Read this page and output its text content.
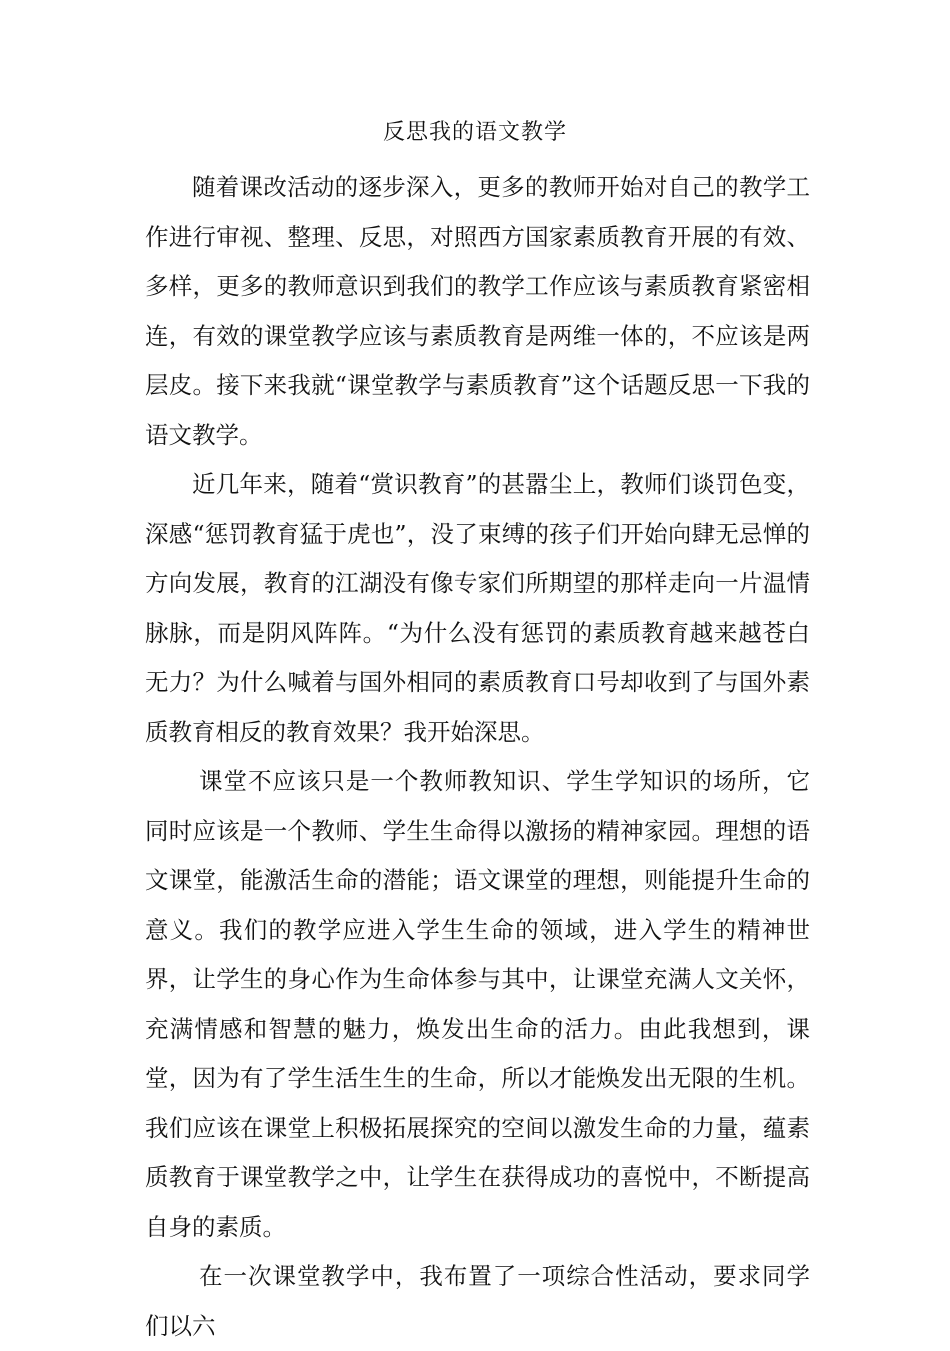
反思我的语文教学

随着课改活动的逐步深入，更多的教师开始对自己的教学工作进行审视、整理、反思，对照西方国家素质教育开展的有效、多样，更多的教师意识到我们的教学工作应该与素质教育紧密相连，有效的课堂教学应该与素质教育是两维一体的，不应该是两层皮。接下来我就“课堂教学与素质教育”这个话题反思一下我的语文教学。

近几年来，随着“赏识教育”的甚嚣尘上，教师们谈罚色变，深感“惩罚教育猛于虎也”，没了束缚的孩子们开始向肆无忌惮的方向发展，教育的江湖没有像专家们所期望的那样走向一片温情脉脉，而是阴风阵阵。“为什么没有惩罚的素质教育越来越苍白无力？为什么喊着与国外相同的素质教育口号却收到了与国外素质教育相反的教育效果？我开始深思。

课堂不应该只是一个教师教知识、学生学知识的场所，它同时应该是一个教师、学生生命得以激扬的精神家园。理想的语文课堂，能激活生命的潜能；语文课堂的理想，则能提升生命的意义。我们的教学应进入学生生命的领域，进入学生的精神世界，让学生的身心作为生命体参与其中，让课堂充满人文关怀，充满情感和智慧的魅力，焕发出生命的活力。由此我想到，课堂，因为有了学生活生生的生命，所以才能焕发出无限的生机。我们应该在课堂上积极拓展探究的空间以激发生命的力量，蕴素质教育于课堂教学之中，让学生在获得成功的喜悦中，不断提高自身的素质。

在一次课堂教学中，我布置了一项综合性活动，要求同学们以六
